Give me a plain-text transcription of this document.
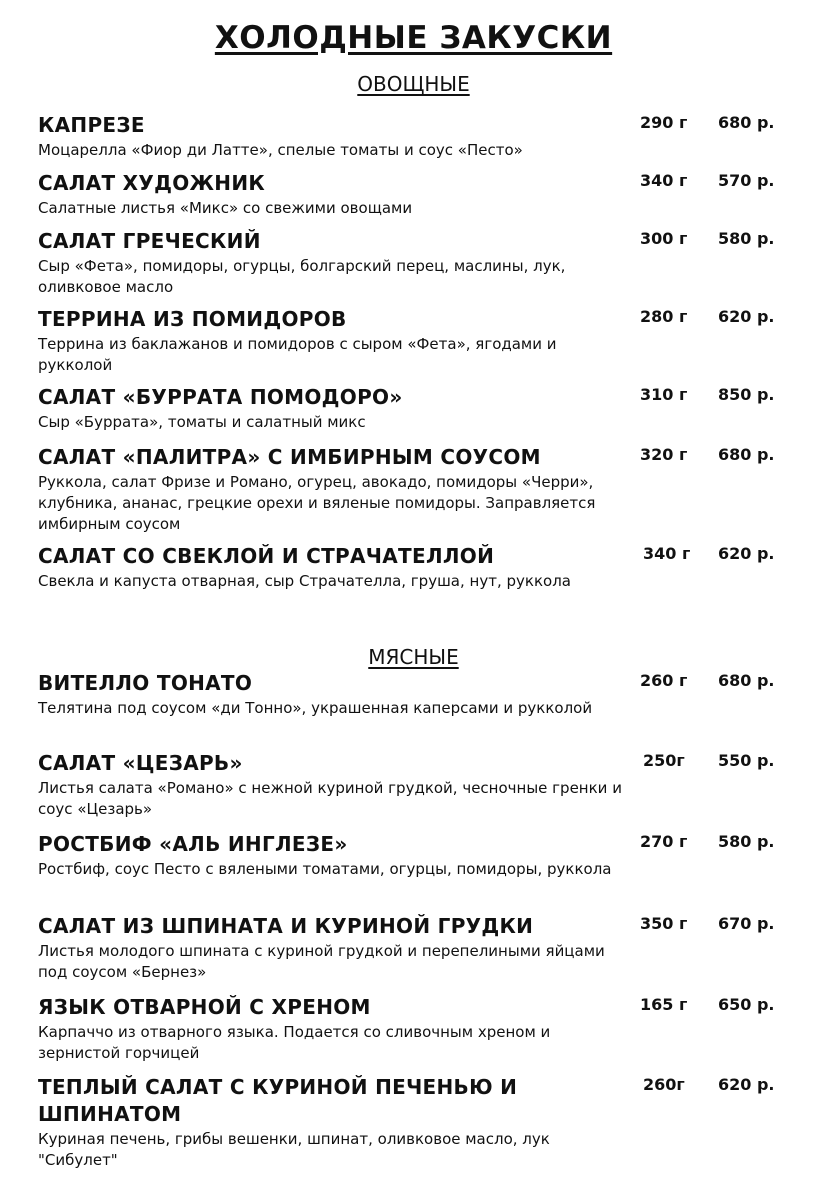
ХОЛОДНЫЕ ЗАКУСКИ
ОВОЩНЫЕ
КАПРЕЗЕ
Моцарелла «Фиор ди Латте», спелые томаты и соус «Песто»
290 г 680 р.
САЛАТ ХУДОЖНИК
Салатные листья «Микс» со свежими овощами
340 г 570 р.
САЛАТ ГРЕЧЕСКИЙ
Сыр «Фета», помидоры, огурцы, болгарский перец, маслины, лук, оливковое масло
300 г 580 р.
ТЕРРИНА ИЗ ПОМИДОРОВ
Террина из баклажанов и помидоров с сыром «Фета», ягодами и рукколой
280 г 620 р.
САЛАТ «БУРРАТА ПОМОДОРО»
Сыр «Буррата», томаты и салатный микс
310 г 850 р.
САЛАТ «ПАЛИТРА» С ИМБИРНЫМ СОУСОМ
Руккола, салат Фризе и Романо, огурец, авокадо, помидоры «Черри», клубника, ананас, грецкие орехи и вяленые помидоры. Заправляется имбирным соусом
320 г 680 р.
САЛАТ СО СВЕКЛОЙ И СТРАЧАТЕЛЛОЙ
Свекла и капуста отварная, сыр Страчателла, груша, нут, руккола
340 г 620 р.
МЯСНЫЕ
ВИТЕЛЛО ТОНАТО
Телятина под соусом «ди Тонно», украшенная каперсами и рукколой
260 г 680 р.
САЛАТ «ЦЕЗАРЬ»
Листья салата «Романо» с нежной куриной грудкой, чесночные гренки и соус «Цезарь»
250г 550 р.
РОСТБИФ «АЛЬ ИНГЛЕЗЕ»
Ростбиф, соус Песто с вялеными томатами, огурцы, помидоры, руккола
270 г 580 р.
САЛАТ ИЗ ШПИНАТА И КУРИНОЙ ГРУДКИ
Листья молодого шпината с куриной грудкой и перепелиными яйцами под соусом «Бернез»
350 г 670 р.
ЯЗЫК ОТВАРНОЙ С ХРЕНОМ
Карпаччо из отварного языка. Подается со сливочным хреном и зернистой горчицей
165 г 650 р.
ТЕПЛЫЙ САЛАТ С КУРИНОЙ ПЕЧЕНЬЮ И ШПИНАТОМ
Куриная печень, грибы вешенки, шпинат, оливковое масло, лук "Сибулет"
260г 620 р.
